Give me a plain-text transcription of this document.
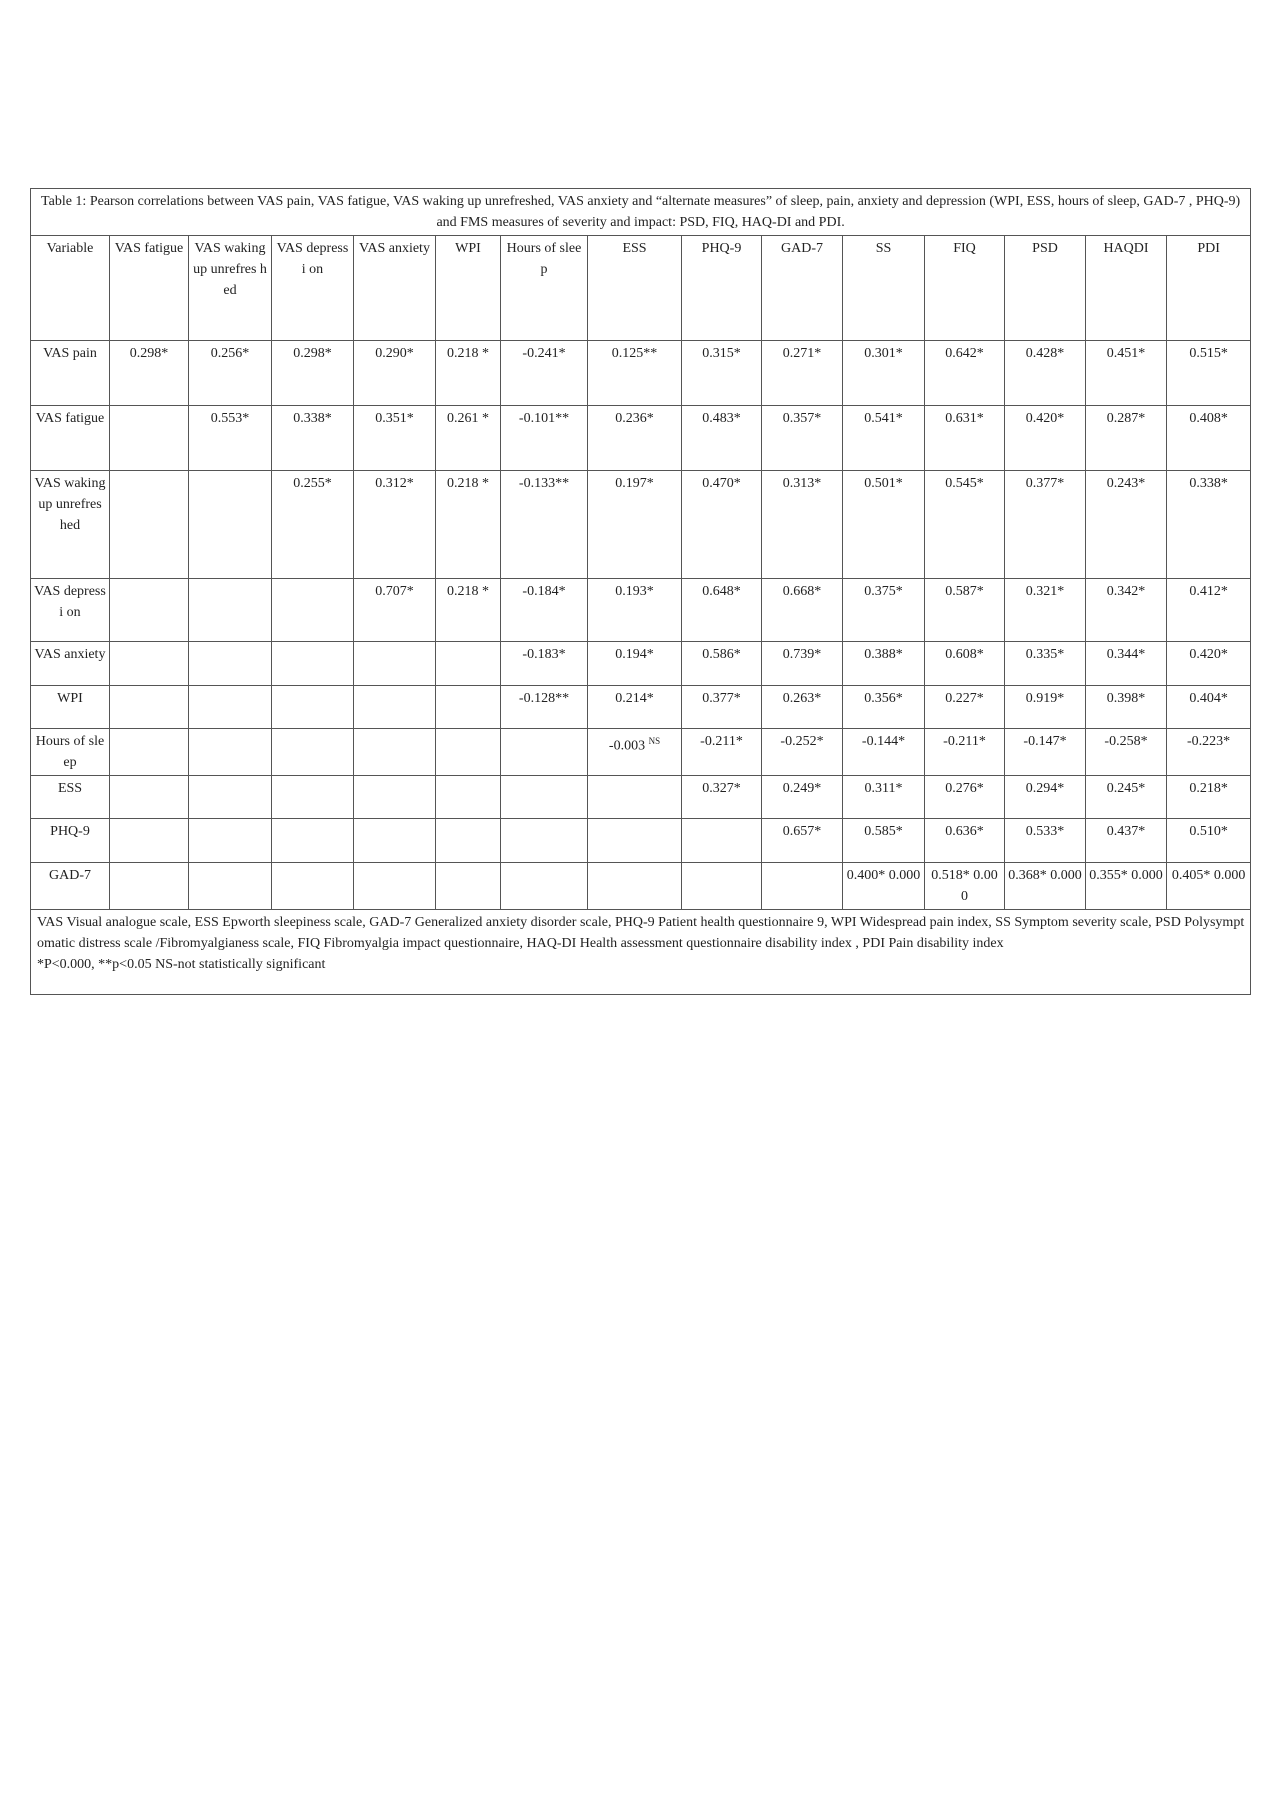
Table 1: Pearson correlations between VAS pain, VAS fatigue, VAS waking up unrefreshed, VAS anxiety and “alternate measures” of sleep, pain, anxiety and depression (WPI, ESS, hours of sleep, GAD-7 , PHQ-9) and FMS measures of severity and impact: PSD, FIQ, HAQ-DI and PDI.														
Variable	VAS fatigue	VAS waking up unrefres hed	VAS depressi on	VAS anxiety	WPI	Hours of sleep	ESS	PHQ-9	GAD-7	SS	FIQ	PSD	HAQDI	PDI
VAS pain	0.298*	0.256*	0.298*	0.290*	0.218 *	-0.241*	0.125**	0.315*	0.271*	0.301*	0.642*	0.428*	0.451*	0.515*
VAS fatigue		0.553*	0.338*	0.351*	0.261 *	-0.101**	0.236*	0.483*	0.357*	0.541*	0.631*	0.420*	0.287*	0.408*
VAS waking up unrefres hed			0.255*	0.312*	0.218 *	-0.133**	0.197*	0.470*	0.313*	0.501*	0.545*	0.377*	0.243*	0.338*
VAS depressi on				0.707*	0.218 *	-0.184*	0.193*	0.648*	0.668*	0.375*	0.587*	0.321*	0.342*	0.412*
VAS anxiety						-0.183*	0.194*	0.586*	0.739*	0.388*	0.608*	0.335*	0.344*	0.420*
WPI						-0.128**	0.214*	0.377*	0.263*	0.356*	0.227*	0.919*	0.398*	0.404*
Hours of sleep							-0.003 $^{NS}$	-0.211*	-0.252*	-0.144*	-0.211*	-0.147*	-0.258*	-0.223*
ESS								0.327*	0.249*	0.311*	0.276*	0.294*	0.245*	0.218*
PHQ-9									0.657*	0.585*	0.636*	0.533*	0.437*	0.510*
GAD-7										0.400* 0.000	0.518* 0.000	0.368* 0.000	0.355* 0.000	0.405* 0.000

VAS Visual analogue scale, ESS Epworth sleepiness scale, GAD-7 Generalized anxiety disorder scale, PHQ-9 Patient health questionnaire 9, WPI Widespread pain index, SS Symptom severity scale, PSD Polysymptomatic distress scale /Fibromyalgianess scale, FIQ Fibromyalgia impact questionnaire, HAQ-DI Health assessment questionnaire disability index , PDI Pain disability index
*P<0.000, **p<0.05 NS-not statistically significant														
